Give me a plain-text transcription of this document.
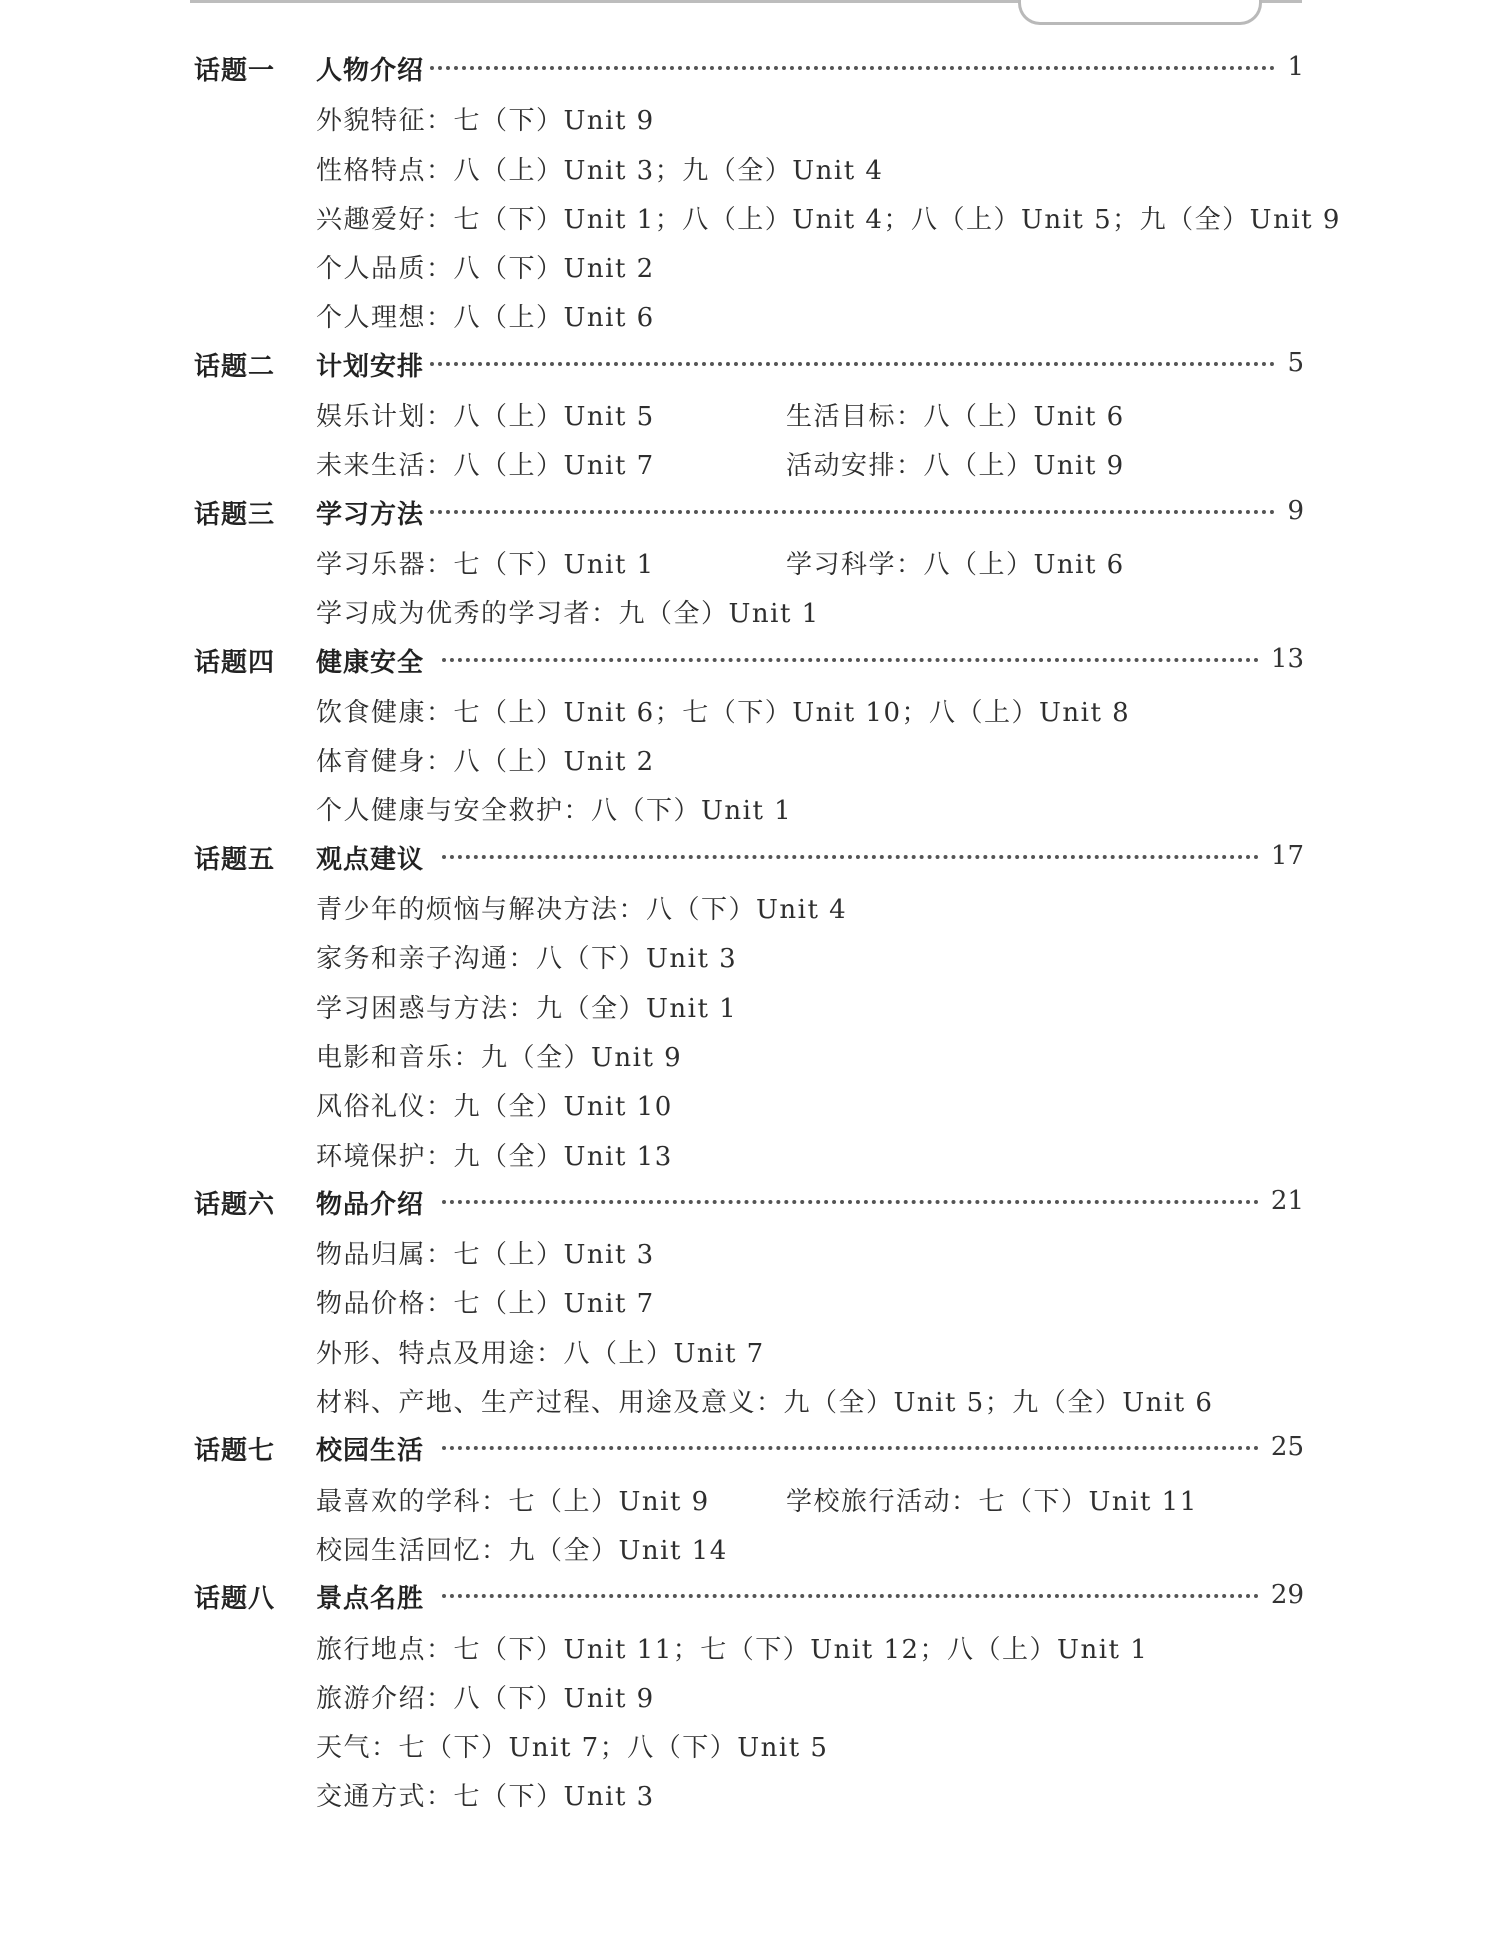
话题一 人物介绍	1
外貌特征：七（下）Unit 9
性格特点：八（上）Unit 3；九（全）Unit 4
兴趣爱好：七（下）Unit 1；八（上）Unit 4；八（上）Unit 5；九（全）Unit 9
个人品质：八（下）Unit 2
个人理想：八（上）Unit 6
话题二 计划安排	5
娱乐计划：八（上）Unit 5	生活目标：八（上）Unit 6
未来生活：八（上）Unit 7	活动安排：八（上）Unit 9
话题三 学习方法	9
学习乐器：七（下）Unit 1	学习科学：八（上）Unit 6
学习成为优秀的学习者：九（全）Unit 1
话题四 健康安全	13
饮食健康：七（上）Unit 6；七（下）Unit 10；八（上）Unit 8
体育健身：八（上）Unit 2
个人健康与安全救护：八（下）Unit 1
话题五 观点建议	17
青少年的烦恼与解决方法：八（下）Unit 4
家务和亲子沟通：八（下）Unit 3
学习困惑与方法：九（全）Unit 1
电影和音乐：九（全）Unit 9
风俗礼仪：九（全）Unit 10
环境保护：九（全）Unit 13
话题六 物品介绍	21
物品归属：七（上）Unit 3
物品价格：七（上）Unit 7
外形、特点及用途：八（上）Unit 7
材料、产地、生产过程、用途及意义：九（全）Unit 5；九（全）Unit 6
话题七 校园生活	25
最喜欢的学科：七（上）Unit 9	学校旅行活动：七（下）Unit 11
校园生活回忆：九（全）Unit 14
话题八 景点名胜	29
旅行地点：七（下）Unit 11；七（下）Unit 12；八（上）Unit 1
旅游介绍：八（下）Unit 9
天气：七（下）Unit 7；八（下）Unit 5
交通方式：七（下）Unit 3
